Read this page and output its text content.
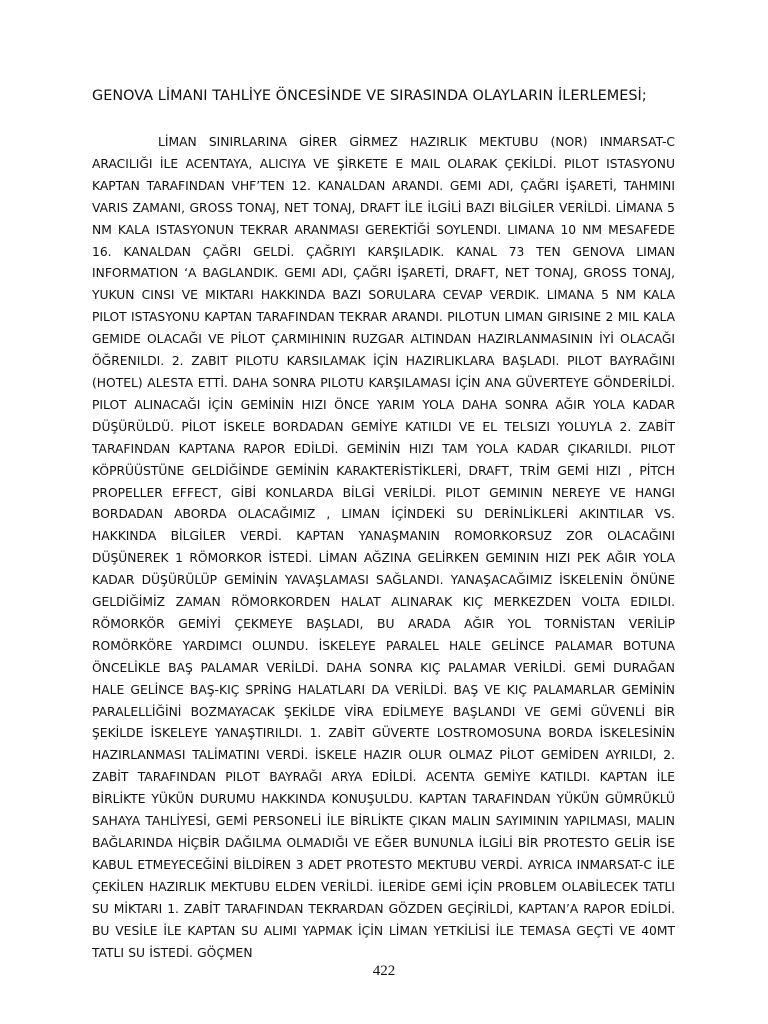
GENOVA LİMANI TAHLİYE ÖNCESİNDE VE SIRASINDA OLAYLARIN İLERLEMESİ;

LİMAN SINIRLARINA GİRER GİRMEZ HAZIRLIK MEKTUBU (NOR) INMARSAT-C ARACILIĞI İLE ACENTAYA, ALICIYA VE ŞİRKETE E MAIL OLARAK ÇEKİLDİ. PILOT ISTASYONU KAPTAN TARAFINDAN VHF’TEN 12. KANALDAN ARANDI. GEMI ADI, ÇAĞRI İŞARETİ, TAHMINI VARIS ZAMANI, GROSS TONAJ, NET TONAJ, DRAFT İLE İLGİLİ BAZI BİLGİLER VERİLDİ. LİMANA 5 NM KALA ISTASYONUN TEKRAR ARANMASI GEREKTİĞİ SOYLENDI. LIMANA 10 NM MESAFEDE 16. KANALDAN ÇAĞRI GELDİ. ÇAĞRIYI KARŞILADIK. KANAL 73 TEN GENOVA LIMAN INFORMATION ‘A BAGLANDIK. GEMI ADI, ÇAĞRI İŞARETİ, DRAFT, NET TONAJ, GROSS TONAJ, YUKUN CINSI VE MIKTARI HAKKINDA BAZI SORULARA CEVAP VERDIK. LIMANA 5 NM KALA PILOT ISTASYONU KAPTAN TARAFINDAN TEKRAR ARANDI. PILOTUN LIMAN GIRISINE 2 MIL KALA GEMIDE OLACAĞI VE PİLOT ÇARMIHININ RUZGAR ALTINDAN HAZIRLANMASININ İYİ OLACAĞI ÖĞRENILDI. 2. ZABIT PILOTU KARSILAMAK İÇİN HAZIRLIKLARA BAŞLADI. PILOT BAYRAĞINI (HOTEL) ALESTA ETTİ. DAHA SONRA PILOTU KARŞILAMASI İÇİN ANA GÜVERTEYE GÖNDERİLDİ. PILOT ALINACAĞI İÇİN GEMİNİN HIZI ÖNCE YARIM YOLA DAHA SONRA AĞIR YOLA KADAR DÜŞÜRÜLDÜ. PİLOT İSKELE BORDADAN GEMİYE KATILDI VE EL TELSIZI YOLUYLA 2. ZABİT TARAFINDAN KAPTANA RAPOR EDİLDİ. GEMİNİN HIZI TAM YOLA KADAR ÇIKARILDI. PILOT KÖPRÜÜSTÜNE GELDİĞİNDE GEMİNİN KARAKTERİSTİKLERİ, DRAFT, TRİM GEMİ HIZI , PİTCH PROPELLER EFFECT, GİBİ KONLARDA BİLGİ VERİLDİ. PILOT GEMININ NEREYE VE HANGI BORDADAN ABORDA OLACAĞIMIZ , LIMAN İÇİNDEKİ SU DERİNLİKLERİ AKINTILAR VS. HAKKINDA BİLGİLER VERDİ. KAPTAN YANAŞMANIN ROMORKORSUZ ZOR OLACAĞINI DÜŞÜNEREK 1 RÖMORKOR İSTEDİ. LİMAN AĞZINA GELİRKEN GEMININ HIZI PEK AĞIR YOLA KADAR DÜŞÜRÜLÜP GEMİNİN YAVAŞLAMASI SAĞLANDI. YANAŞACAĞIMIZ İSKELENİN ÖNÜNE GELDİĞİMİZ ZAMAN RÖMORKORDEN HALAT ALINARAK KIÇ MERKEZDEN VOLTA EDILDI. RÖMORKÖR GEMİYİ ÇEKMEYE BAŞLADI, BU ARADA AĞIR YOL TORNİSTAN VERİLİP ROMÖRKÖRE YARDIMCI OLUNDU. İSKELEYE PARALEL HALE GELİNCE PALAMAR BOTUNA ÖNCELİKLE BAŞ PALAMAR VERİLDİ. DAHA SONRA KIÇ PALAMAR VERİLDİ. GEMİ DURAĞAN HALE GELİNCE BAŞ-KIÇ SPRİNG HALATLARI DA VERİLDİ. BAŞ VE KIÇ PALAMARLAR GEMİNİN PARALELLİĞİNİ BOZMAYACAK ŞEKİLDE VİRA EDİLMEYE BAŞLANDI VE GEMİ GÜVENLİ BİR ŞEKİLDE İSKELEYE YANAŞTIRILDI. 1. ZABİT GÜVERTE LOSTROMOSUNA BORDA İSKELESİNİN HAZIRLANMASI TALİMATINI VERDİ. İSKELE HAZIR OLUR OLMAZ PİLOT GEMİDEN AYRILDI, 2. ZABİT TARAFINDAN PILOT BAYRAĞI ARYA EDİLDİ. ACENTA GEMİYE KATILDI. KAPTAN İLE BİRLİKTE YÜKÜN DURUMU HAKKINDA KONUŞULDU. KAPTAN TARAFINDAN YÜKÜN GÜMRÜKLÜ SAHAYA TAHLİYESİ, GEMİ PERSONELİ İLE BİRLİKTE ÇIKAN MALIN SAYIMININ YAPILMASI, MALIN BAĞLARINDA HİÇBİR DAĞILMA OLMADIĞI VE EĞER BUNUNLA İLGİLİ BİR PROTESTO GELİR İSE KABUL ETMEYECEĞİNİ BİLDİREN 3 ADET PROTESTO MEKTUBU VERDİ. AYRICA INMARSAT-C İLE ÇEKİLEN HAZIRLIK MEKTUBU ELDEN VERİLDİ. İLERİDE GEMİ İÇİN PROBLEM OLABİLECEK TATLI SU MİKTARI 1. ZABİT TARAFINDAN TEKRARDAN GÖZDEN GEÇİRİLDİ, KAPTAN’A RAPOR EDİLDİ. BU VESİLE İLE KAPTAN SU ALIMI YAPMAK İÇİN LİMAN YETKİLİSİ İLE TEMASA GEÇTİ VE 40MT TATLI SU İSTEDİ. GÖÇMEN

422
